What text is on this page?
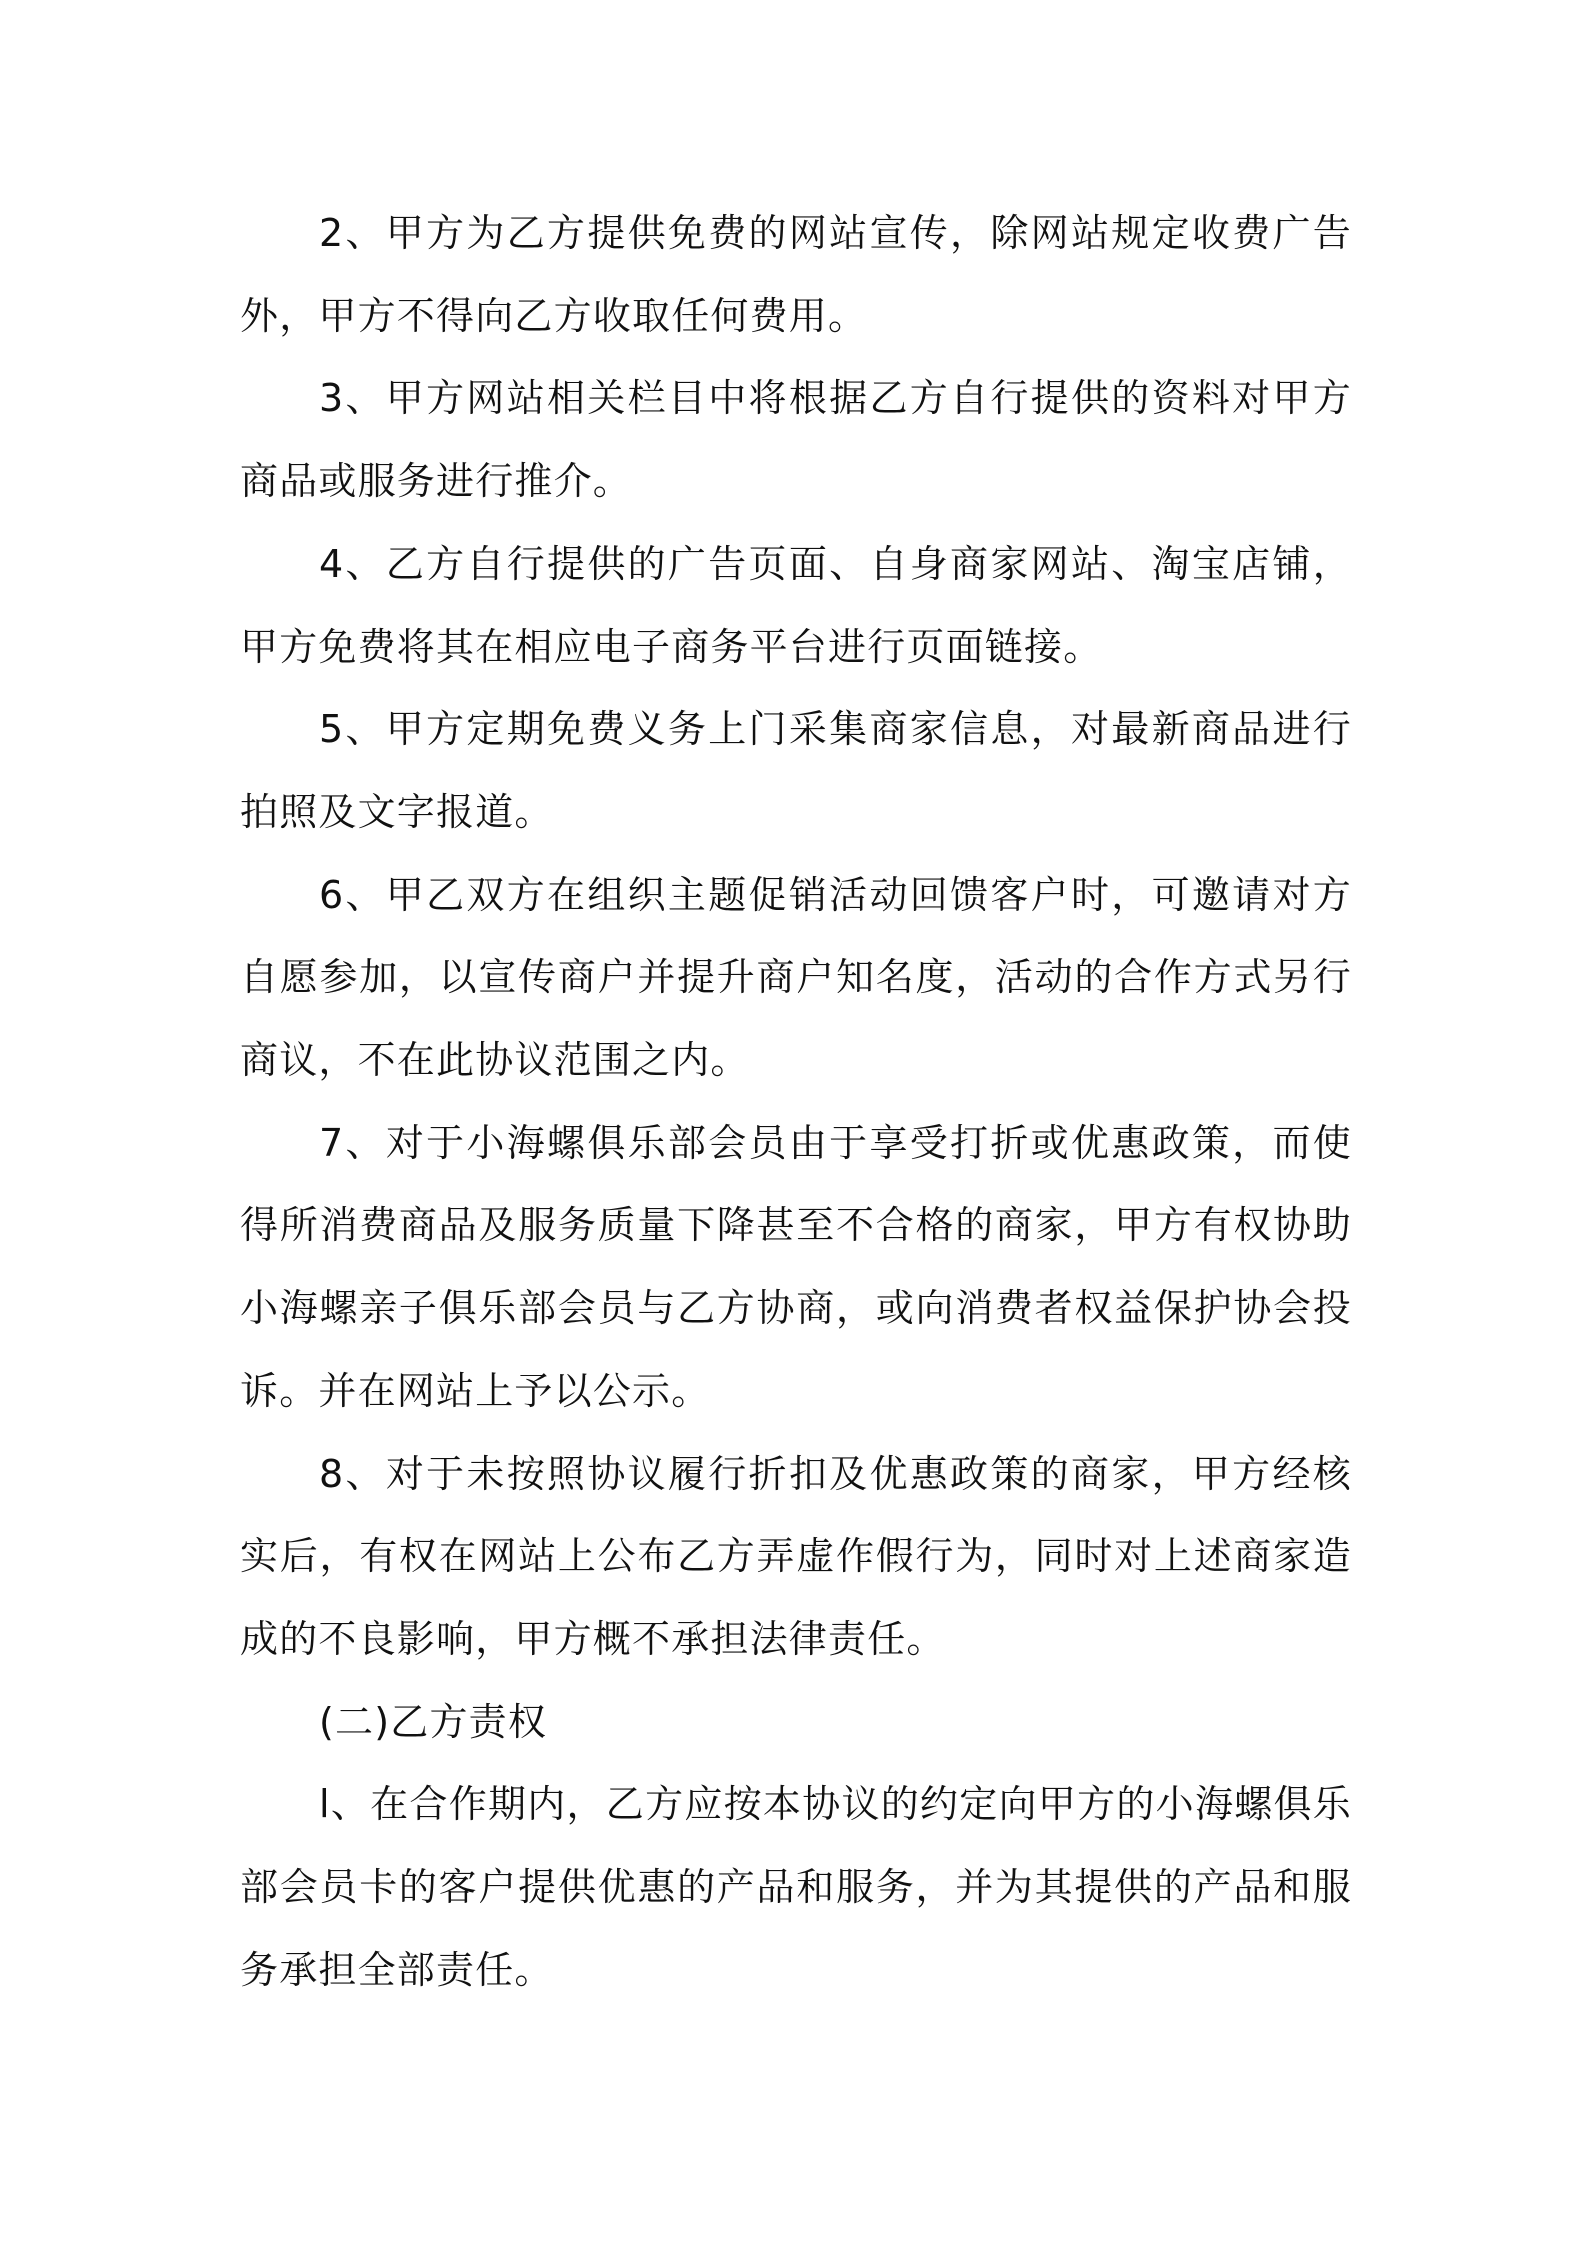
2、甲方为乙方提供免费的网站宣传，除网站规定收费广告外，甲方不得向乙方收取任何费用。

3、甲方网站相关栏目中将根据乙方自行提供的资料对甲方商品或服务进行推介。

4、乙方自行提供的广告页面、自身商家网站、淘宝店铺，甲方免费将其在相应电子商务平台进行页面链接。

5、甲方定期免费义务上门采集商家信息，对最新商品进行拍照及文字报道。

6、甲乙双方在组织主题促销活动回馈客户时，可邀请对方自愿参加，以宣传商户并提升商户知名度，活动的合作方式另行商议，不在此协议范围之内。

7、对于小海螺俱乐部会员由于享受打折或优惠政策，而使得所消费商品及服务质量下降甚至不合格的商家，甲方有权协助小海螺亲子俱乐部会员与乙方协商，或向消费者权益保护协会投诉。并在网站上予以公示。

8、对于未按照协议履行折扣及优惠政策的商家，甲方经核实后，有权在网站上公布乙方弄虚作假行为，同时对上述商家造成的不良影响，甲方概不承担法律责任。

(二)乙方责权

l、在合作期内，乙方应按本协议的约定向甲方的小海螺俱乐部会员卡的客户提供优惠的产品和服务，并为其提供的产品和服务承担全部责任。
